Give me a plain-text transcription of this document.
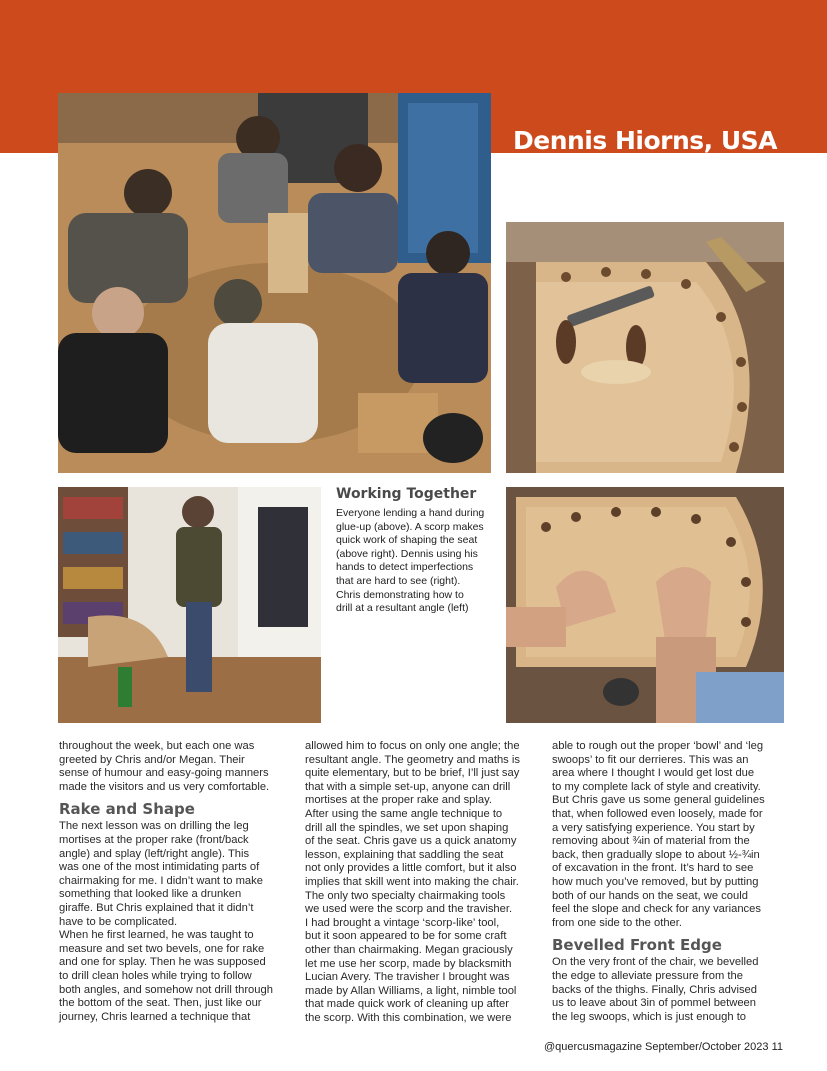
Dennis Hiorns, USA
Working Together
Everyone lending a hand during
glue-up (above). A scorp makes
quick work of shaping the seat
(above right). Dennis using his
hands to detect imperfections
that are hard to see (right).
Chris demonstrating how to
drill at a resultant angle (left)
throughout the week, but each one was
greeted by Chris and/or Megan. Their
sense of humour and easy-going manners
made the visitors and us very comfortable.
Rake and Shape
The next lesson was on drilling the leg
mortises at the proper rake (front/back
angle) and splay (left/right angle). This
was one of the most intimidating parts of
chairmaking for me. I didn’t want to make
something that looked like a drunken
giraffe. But Chris explained that it didn’t
have to be complicated.
When he first learned, he was taught to
measure and set two bevels, one for rake
and one for splay. Then he was supposed
to drill clean holes while trying to follow
both angles, and somehow not drill through
the bottom of the seat. Then, just like our
journey, Chris learned a technique that
allowed him to focus on only one angle; the
resultant angle. The geometry and maths is
quite elementary, but to be brief, I’ll just say
that with a simple set-up, anyone can drill
mortises at the proper rake and splay.
After using the same angle technique to
drill all the spindles, we set upon shaping
of the seat. Chris gave us a quick anatomy
lesson, explaining that saddling the seat
not only provides a little comfort, but it also
implies that skill went into making the chair.
The only two specialty chairmaking tools
we used were the scorp and the travisher.
I had brought a vintage ‘scorp-like’ tool,
but it soon appeared to be for some craft
other than chairmaking. Megan graciously
let me use her scorp, made by blacksmith
Lucian Avery. The travisher I brought was
made by Allan Williams, a light, nimble tool
that made quick work of cleaning up after
the scorp. With this combination, we were
able to rough out the proper ‘bowl’ and ‘leg
swoops’ to fit our derrieres. This was an
area where I thought I would get lost due
to my complete lack of style and creativity.
But Chris gave us some general guidelines
that, when followed even loosely, made for
a very satisfying experience. You start by
removing about ¾in of material from the
back, then gradually slope to about ½-¾in
of excavation in the front. It’s hard to see
how much you’ve removed, but by putting
both of our hands on the seat, we could
feel the slope and check for any variances
from one side to the other.
Bevelled Front Edge
On the very front of the chair, we bevelled
the edge to alleviate pressure from the
backs of the thighs. Finally, Chris advised
us to leave about 3in of pommel between
the leg swoops, which is just enough to
@quercusmagazine September/October 2023 11
